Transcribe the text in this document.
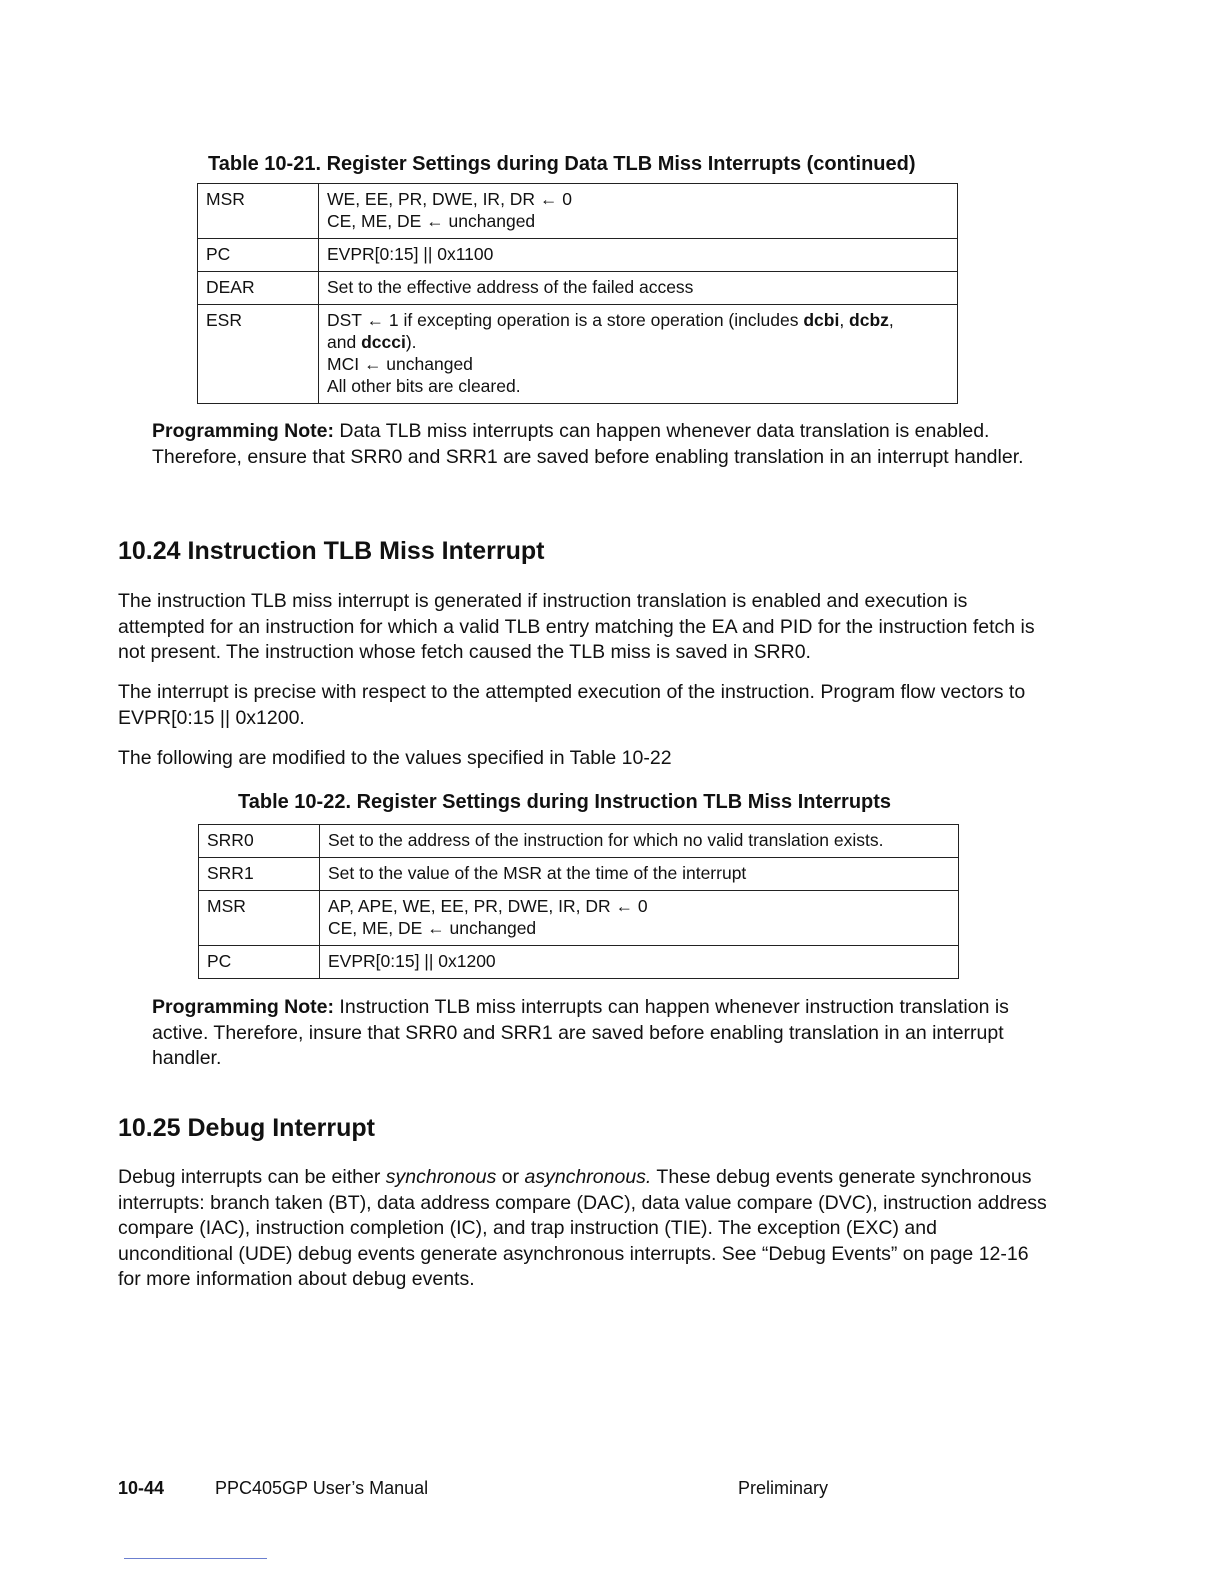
Table 10-21. Register Settings during Data TLB Miss Interrupts (continued)
MSR	WE, EE, PR, DWE, IR, DR ← 0
CE, ME, DE ← unchanged

PC	EVPR[0:15] || 0x1100

DEAR	Set to the effective address of the failed access

ESR	DST ← 1 if excepting operation is a store operation (includes dcbi, dcbz,
and dccci).
MCI ← unchanged
All other bits are cleared.
Programming Note: Data TLB miss interrupts can happen whenever data translation is enabled. Therefore, ensure that SRR0 and SRR1 are saved before enabling translation in an interrupt handler.
10.24 Instruction TLB Miss Interrupt
The instruction TLB miss interrupt is generated if instruction translation is enabled and execution is attempted for an instruction for which a valid TLB entry matching the EA and PID for the instruction fetch is not present. The instruction whose fetch caused the TLB miss is saved in SRR0.
The interrupt is precise with respect to the attempted execution of the instruction. Program flow vectors to EVPR[0:15 || 0x1200.
The following are modified to the values specified in Table 10-22
Table 10-22. Register Settings during Instruction TLB Miss Interrupts
SRR0	Set to the address of the instruction for which no valid translation exists.

SRR1	Set to the value of the MSR at the time of the interrupt

MSR	AP, APE, WE, EE, PR, DWE, IR, DR ← 0
CE, ME, DE ← unchanged

PC	EVPR[0:15] || 0x1200
Programming Note: Instruction TLB miss interrupts can happen whenever instruction translation is active. Therefore, insure that SRR0 and SRR1 are saved before enabling translation in an interrupt handler.
10.25 Debug Interrupt
Debug interrupts can be either synchronous or asynchronous. These debug events generate synchronous interrupts: branch taken (BT), data address compare (DAC), data value compare (DVC), instruction address compare (IAC), instruction completion (IC), and trap instruction (TIE). The exception (EXC) and unconditional (UDE) debug events generate asynchronous interrupts. See “Debug Events” on page 12-16 for more information about debug events.
10-44	PPC405GP User’s Manual	Preliminary
